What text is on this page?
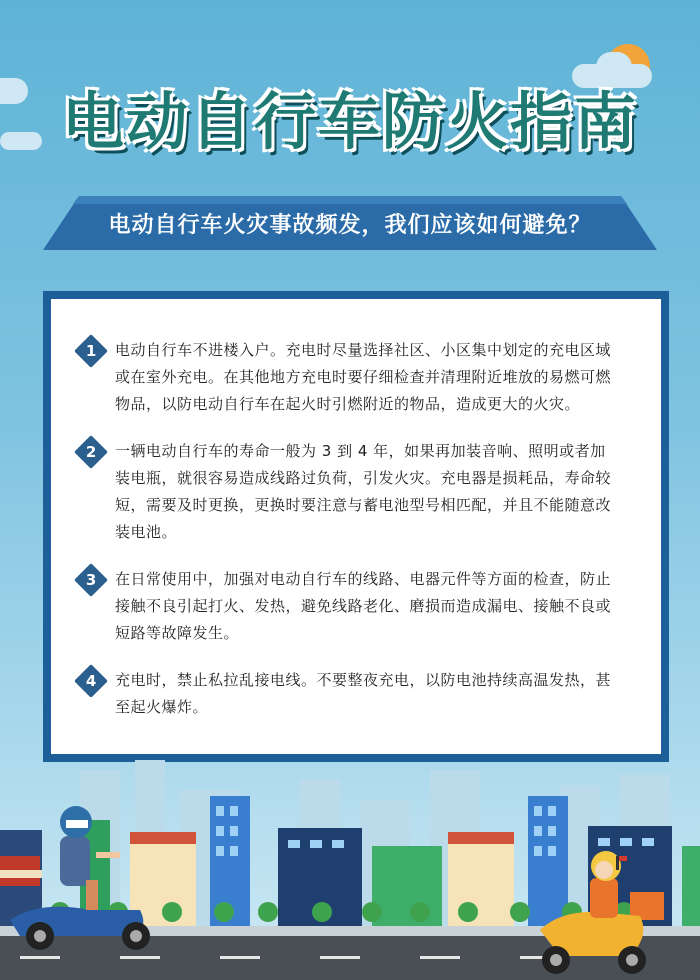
电动自行车防火指南
电动自行车火灾事故频发，我们应该如何避免？
1 电动自行车不进楼入户。充电时尽量选择社区、小区集中划定的充电区域或在室外充电。在其他地方充电时要仔细检查并清理附近堆放的易燃可燃物品，以防电动自行车在起火时引燃附近的物品，造成更大的火灾。
2 一辆电动自行车的寿命一般为 3 到 4 年，如果再加装音响、照明或者加装电瓶，就很容易造成线路过负荷，引发火灾。充电器是损耗品，寿命较短，需要及时更换，更换时要注意与蓄电池型号相匹配，并且不能随意改装电池。
3 在日常使用中，加强对电动自行车的线路、电器元件等方面的检查，防止接触不良引起打火、发热，避免线路老化、磨损而造成漏电、接触不良或短路等故障发生。
4 充电时，禁止私拉乱接电线。不要整夜充电，以防电池持续高温发热，甚至起火爆炸。
